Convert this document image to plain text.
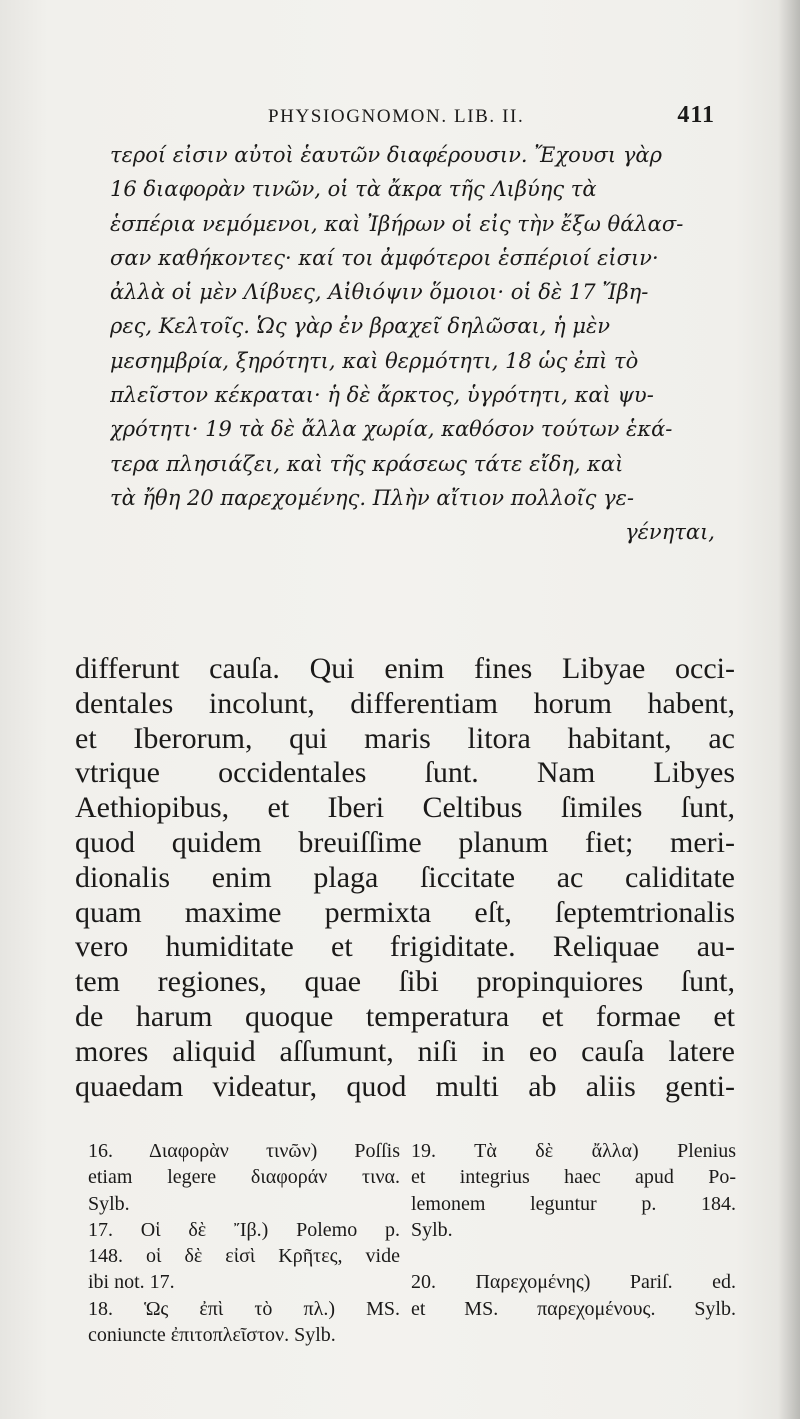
PHYSIOGNOMON. LIB. II.	411
τεροί εἰσιν αὐτοὶ ἑαυτῶν διαφέρουσιν. Ἔχουσι γὰρ
16 διαφορὰν τινῶν, οἱ τὰ ἄκρα τῆς Λιβύης τὰ
ἑσπέρια νεμόμενοι, καὶ Ἰβήρων οἱ εἰς τὴν ἔξω θάλασ-
σαν καθήκοντες· καί τοι ἀμφότεροι ἑσπέριοί εἰσιν·
ἀλλὰ οἱ μὲν Λίβυες, Αἰθιόψιν ὅμοιοι· οἱ δὲ 17 Ἴβη-
ρες, Κελτοῖς. Ὡς γὰρ ἐν βραχεῖ δηλῶσαι, ἡ μὲν
μεσημβρία, ξηρότητι, καὶ θερμότητι, 18 ὡς ἐπὶ τὸ
πλεῖστον κέκραται· ἡ δὲ ἄρκτος, ὑγρότητι, καὶ ψυ-
χρότητι· 19 τὰ δὲ ἄλλα χωρία, καθόσον τούτων ἑκά-
τερα πλησιάζει, καὶ τῆς κράσεως τάτε εἴδη, καὶ
τὰ ἤθη 20 παρεχομένης. Πλὴν αἴτιον πολλοῖς γε-
γένηται,
differunt cauſa. Qui enim fines Libyae occi-
dentales incolunt, differentiam horum habent,
et Iberorum, qui maris litora habitant, ac
vtrique occidentales ſunt. Nam Libyes
Aethiopibus, et Iberi Celtibus ſimiles ſunt,
quod quidem breuiſſime planum fiet; meri-
dionalis enim plaga ſiccitate ac caliditate
quam maxime permixta eſt, ſeptemtrionalis
vero humiditate et frigiditate. Reliquae au-
tem regiones, quae ſibi propinquiores ſunt,
de harum quoque temperatura et formae et
mores aliquid aſſumunt, niſi in eo cauſa latere
quaedam videatur, quod multi ab aliis genti-
16. Διαφορὰν τινῶν) Poſſis
etiam legere διαφοράν τινα.
Sylb.
17. Οἱ δὲ Ἴβ.) Polemo p.
148. οἱ δὲ εἰσὶ Κρῆτες, vide
ibi not. 17.
18. Ὡς ἐπὶ τὸ πλ.) MS.
coniuncte ἐπιτοπλεῖστον. Sylb.
19. Τὰ δὲ ἄλλα) Plenius
et integrius haec apud Po-
lemonem leguntur p. 184.
Sylb.
20. Παρεχομένης) Pariſ. ed.
et MS. παρεχομένους. Sylb.
